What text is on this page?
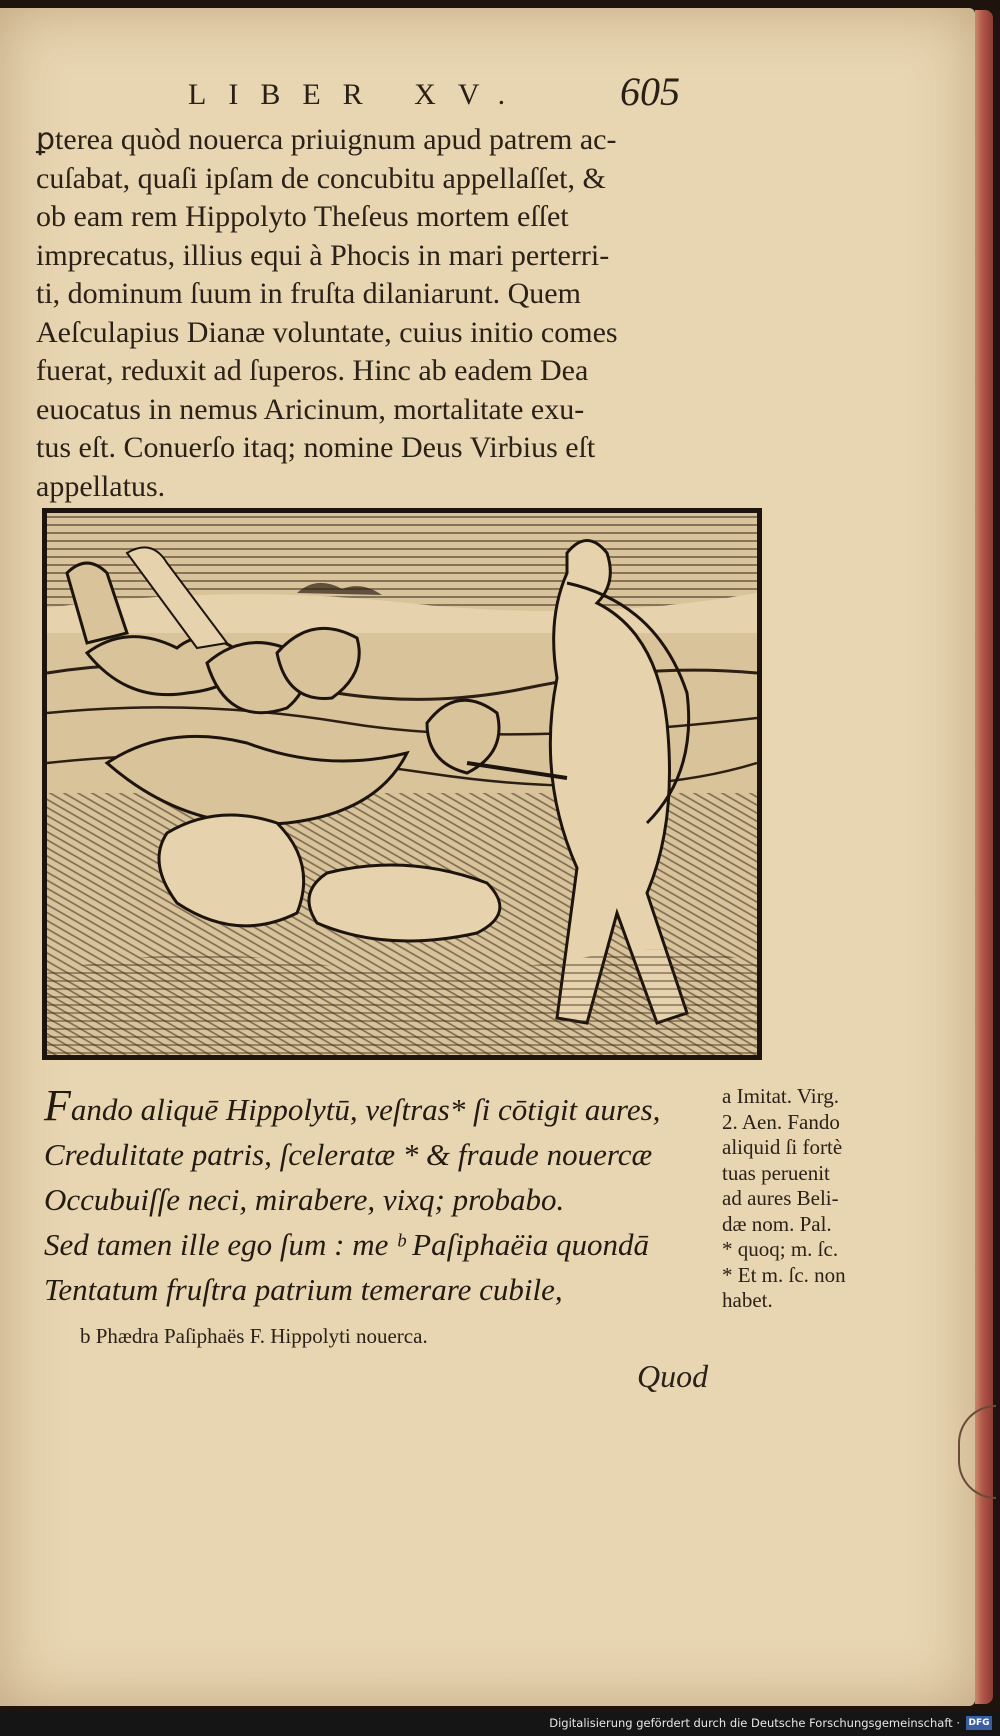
LIBER XV. 605
ꝑterea quòd nouerca priuignum apud patrem ac-
cuſabat, quaſi ipſam de concubitu appellaſſet, &
ob eam rem Hippolyto Theſeus mortem eſſet
imprecatus, illius equi à Phocis in mari perterri-
ti, dominum ſuum in fruſta dilaniarunt. Quem
Aeſculapius Dianæ voluntate, cuius initio comes
fuerat, reduxit ad ſuperos. Hinc ab eadem Dea
euocatus in nemus Aricinum, mortalitate exu-
tus eſt. Conuerſo itaq; nomine Deus Virbius eſt
appellatus.
Fando aliquē Hippolytū, veſtras* ſi cōtigit aures,
Credulitate patris, ſceleratæ * & fraude nouercæ
Occubuiſſe neci, mirabere, vixq; probabo.
Sed tamen ille ego ſum : me ᵇ Paſiphaëia quondā
Tentatum fruſtra patrium temerare cubile,
a Imitat. Virg.
2. Aen. Fando
aliquid ſi fortè
tuas peruenit
ad aures Beli-
dæ nom. Pal.
* quoq; m. ſc.
* Et m. ſc. non
habet.
b Phædra Paſiphaës F. Hippolyti nouerca.
Quod
Digitalisierung gefördert durch die Deutsche Forschungsgemeinschaft · DFG
